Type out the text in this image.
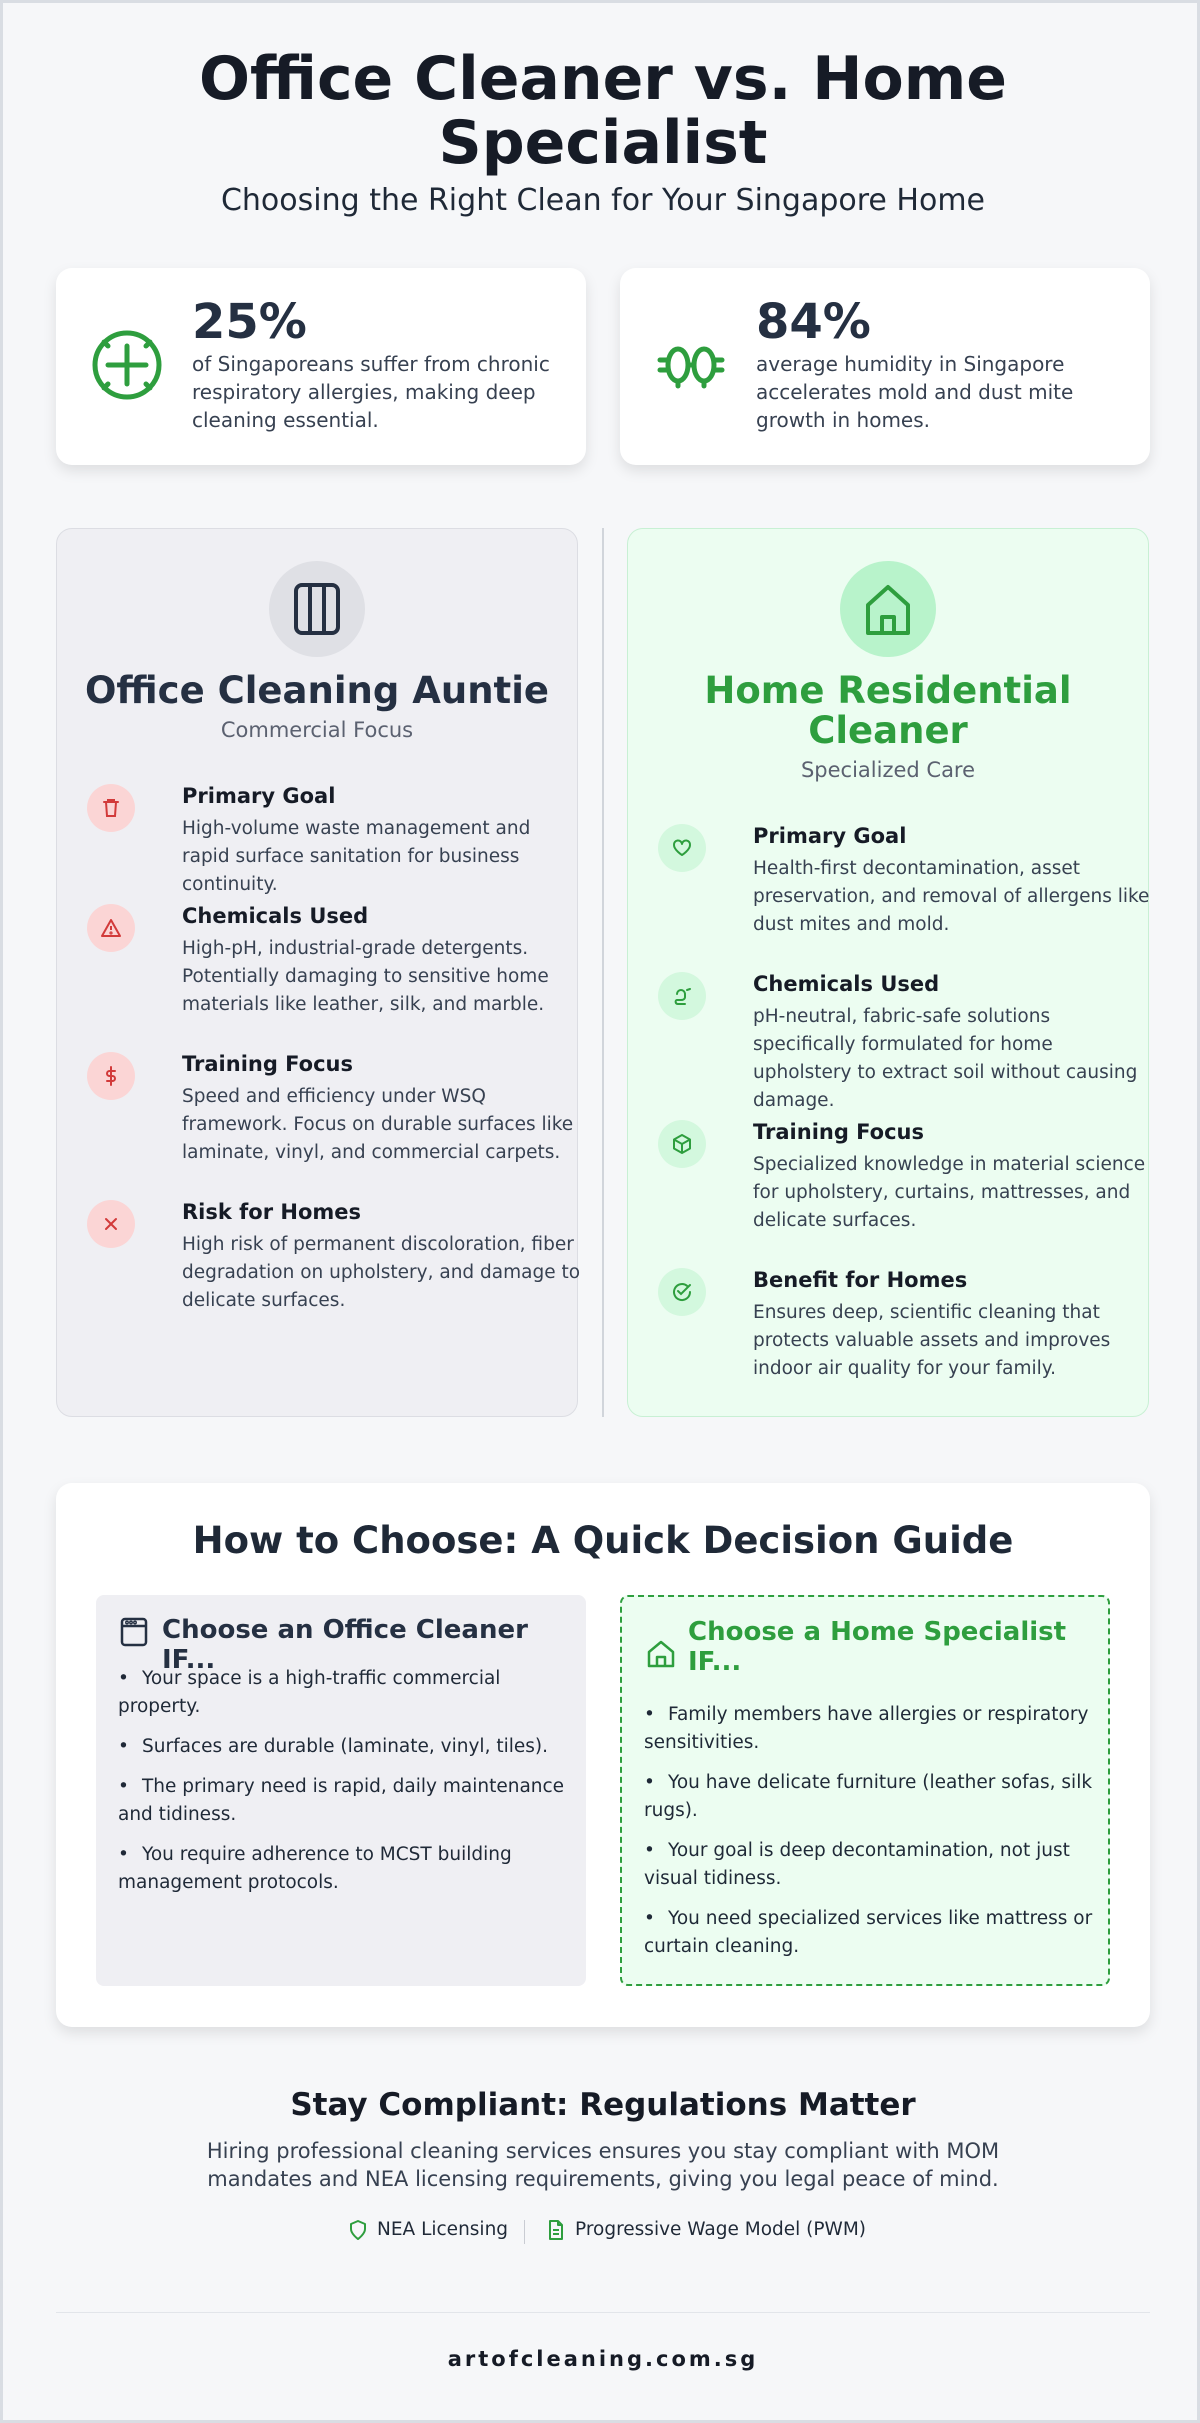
Office Cleaner vs. Home Specialist
Choosing the Right Clean for Your Singapore Home
25%
of Singaporeans suffer from chronic respiratory allergies, making deep cleaning essential.
84%
average humidity in Singapore accelerates mold and dust mite growth in homes.
Office Cleaning Auntie
Commercial Focus
Primary Goal
High-volume waste management and rapid surface sanitation for business continuity.
Chemicals Used
High-pH, industrial-grade detergents. Potentially damaging to sensitive home materials like leather, silk, and marble.
Training Focus
Speed and efficiency under WSQ framework. Focus on durable surfaces like laminate, vinyl, and commercial carpets.
Risk for Homes
High risk of permanent discoloration, fiber degradation on upholstery, and damage to delicate surfaces.
Home Residential Cleaner
Specialized Care
Primary Goal
Health-first decontamination, asset preservation, and removal of allergens like dust mites and mold.
Chemicals Used
pH-neutral, fabric-safe solutions specifically formulated for home upholstery to extract soil without causing damage.
Training Focus
Specialized knowledge in material science for upholstery, curtains, mattresses, and delicate surfaces.
Benefit for Homes
Ensures deep, scientific cleaning that protects valuable assets and improves indoor air quality for your family.
How to Choose: A Quick Decision Guide
Choose an Office Cleaner IF...
• Your space is a high-traffic commercial property.
• Surfaces are durable (laminate, vinyl, tiles).
• The primary need is rapid, daily maintenance and tidiness.
• You require adherence to MCST building management protocols.
Choose a Home Specialist IF...
• Family members have allergies or respiratory sensitivities.
• You have delicate furniture (leather sofas, silk rugs).
• Your goal is deep decontamination, not just visual tidiness.
• You need specialized services like mattress or curtain cleaning.
Stay Compliant: Regulations Matter
Hiring professional cleaning services ensures you stay compliant with MOM mandates and NEA licensing requirements, giving you legal peace of mind.
NEA Licensing	Progressive Wage Model (PWM)
artofcleaning.com.sg
